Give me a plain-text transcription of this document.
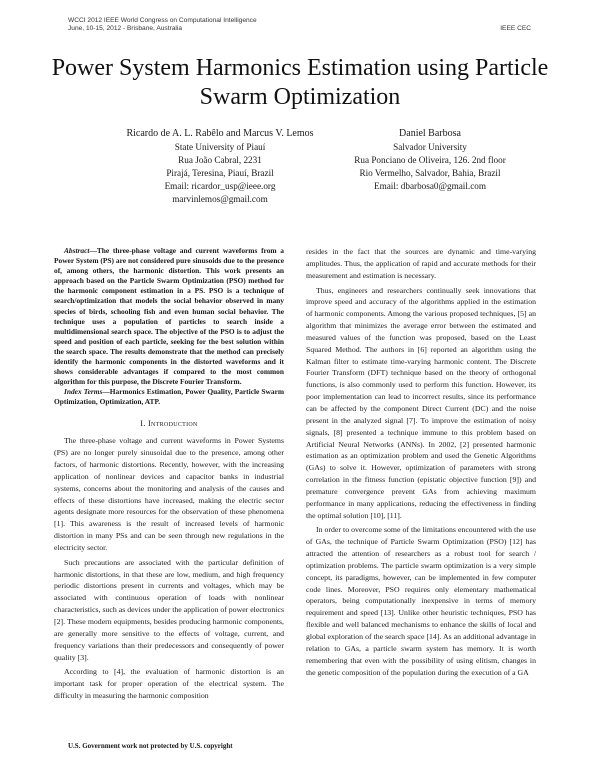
WCCI 2012 IEEE World Congress on Computational Intelligence
June, 10-15, 2012 - Brisbane, Australia	IEEE CEC
Power System Harmonics Estimation using Particle
Swarm Optimization
Ricardo de A. L. Rabêlo and Marcus V. Lemos
State University of Piauí
Rua João Cabral, 2231
Pirajá, Teresina, Piauí, Brazil
Email: ricardor_usp@ieee.org
marvinlemos@gmail.com
Daniel Barbosa
Salvador University
Rua Ponciano de Oliveira, 126. 2nd floor
Rio Vermelho, Salvador, Bahia, Brazil
Email: dbarbosa0@gmail.com

Abstract—The three-phase voltage and current waveforms from a Power System (PS) are not considered pure sinusoids due to the presence of, among others, the harmonic distortion. This work presents an approach based on the Particle Swarm Optimization (PSO) method for the harmonic component estimation in a PS. PSO is a technique of search/optimization that models the social behavior observed in many species of birds, schooling fish and even human social behavior. The technique uses a population of particles to search inside a multidimensional search space. The objective of the PSO is to adjust the speed and position of each particle, seeking for the best solution within the search space. The results demonstrate that the method can precisely identify the harmonic components in the distorted waveforms and it shows considerable advantages if compared to the most common algorithm for this purpose, the Discrete Fourier Transform.

Index Terms—Harmonics Estimation, Power Quality, Particle Swarm Optimization, Optimization, ATP.

I. Introduction

The three-phase voltage and current waveforms in Power Systems (PS) are no longer purely sinusoidal due to the presence, among other factors, of harmonic distortions. Recently, however, with the increasing application of nonlinear devices and capacitor banks in industrial systems, concerns about the monitoring and analysis of the causes and effects of these distortions have increased, making the electric sector agents designate more resources for the observation of these phenomena [1]. This awareness is the result of increased levels of harmonic distortion in many PSs and can be seen through new regulations in the electricity sector.

Such precautions are associated with the particular definition of harmonic distortions, in that these are low, medium, and high frequency periodic distortions present in currents and voltages, which may be associated with continuous operation of loads with nonlinear characteristics, such as devices under the application of power electronics [2]. These modern equipments, besides producing harmonic components, are generally more sensitive to the effects of voltage, current, and frequency variations than their predecessors and consequently of power quality [3].

According to [4], the evaluation of harmonic distortion is an important task for proper operation of the electrical system. The difficulty in measuring the harmonic composition

resides in the fact that the sources are dynamic and time-varying amplitudes. Thus, the application of rapid and accurate methods for their measurement and estimation is necessary.

Thus, engineers and researchers continually seek innovations that improve speed and accuracy of the algorithms applied in the estimation of harmonic components. Among the various proposed techniques, [5] an algorithm that minimizes the average error between the estimated and measured values of the function was proposed, based on the Least Squared Method. The authors in [6] reported an algorithm using the Kalman filter to estimate time-varying harmonic content. The Discrete Fourier Transform (DFT) technique based on the theory of orthogonal functions, is also commonly used to perform this function. However, its poor implementation can lead to incorrect results, since its performance can be affected by the component Direct Current (DC) and the noise present in the analyzed signal [7]. To improve the estimation of noisy signals, [8] presented a technique immune to this problem based on Artificial Neural Networks (ANNs). In 2002, [2] presented harmonic estimation as an optimization problem and used the Genetic Algorithms (GAs) to solve it. However, optimization of parameters with strong correlation in the fitness function (epistatic objective function [9]) and premature convergence prevent GAs from achieving maximum performance in many applications, reducing the effectiveness in finding the optimal solution [10], [11].

In order to overcome some of the limitations encountered with the use of GAs, the technique of Particle Swarm Optimization (PSO) [12] has attracted the attention of researchers as a robust tool for search / optimization problems. The particle swarm optimization is a very simple concept, its paradigms, however, can be implemented in few computer code lines. Moreover, PSO requires only elementary mathematical operators, being computationally inexpensive in terms of memory requirement and speed [13]. Unlike other heuristic techniques, PSO has flexible and well balanced mechanisms to enhance the skills of local and global exploration of the search space [14]. As an additional advantage in relation to GAs, a particle swarm system has memory. It is worth remembering that even with the possibility of using elitism, changes in the genetic composition of the population during the execution of a GA

U.S. Government work not protected by U.S. copyright
